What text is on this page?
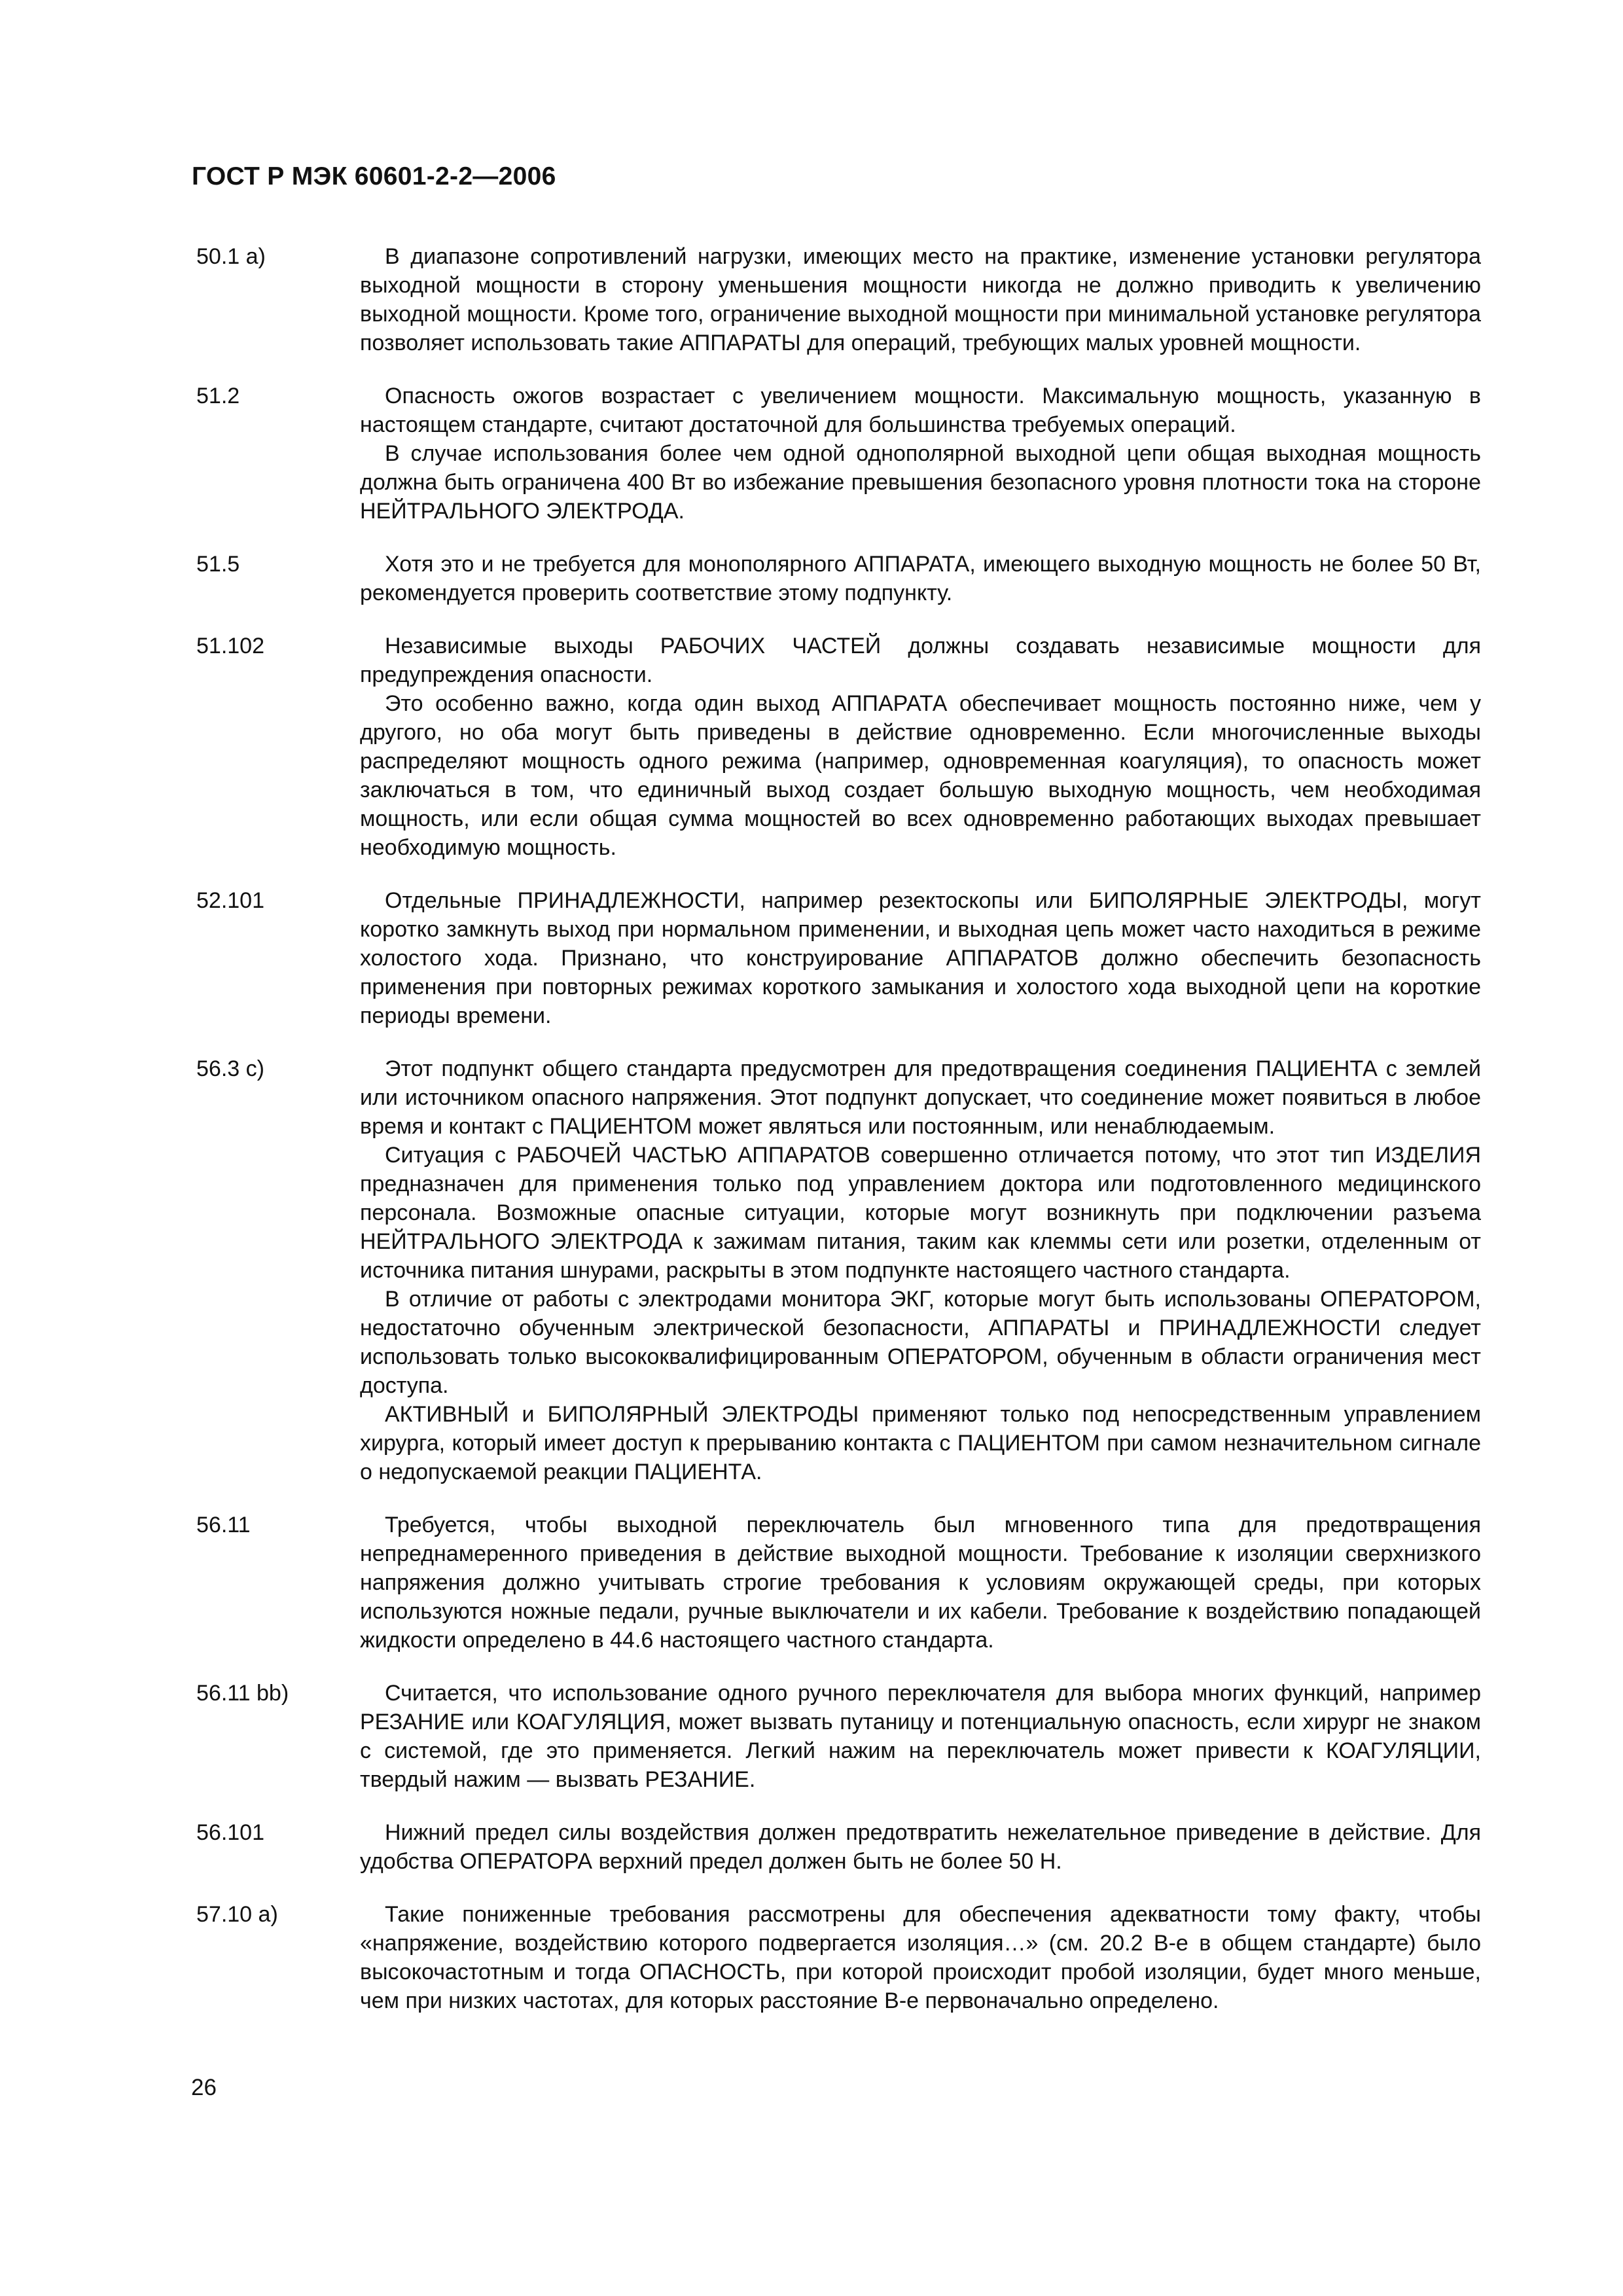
ГОСТ Р МЭК 60601-2-2—2006
50.1 а)	В диапазоне сопротивлений нагрузки, имеющих место на практике, изменение установки регулятора выходной мощности в сторону уменьшения мощности никогда не должно приводить к увеличению выходной мощности. Кроме того, ограничение выходной мощности при минимальной установке регулятора позволяет использовать такие АППАРАТЫ для операций, требующих малых уровней мощности.

51.2	Опасность ожогов возрастает с увеличением мощности. Максимальную мощность, указанную в настоящем стандарте, считают достаточной для большинства требуемых операций.

В случае использования более чем одной однополярной выходной цепи общая выходная мощность должна быть ограничена 400 Вт во избежание превышения безопасного уровня плотности тока на стороне НЕЙТРАЛЬНОГО ЭЛЕКТРОДА.

51.5	Хотя это и не требуется для монополярного АППАРАТА, имеющего выходную мощность не более 50 Вт, рекомендуется проверить соответствие этому подпункту.

51.102	Независимые выходы РАБОЧИХ ЧАСТЕЙ должны создавать независимые мощности для предупреждения опасности.

Это особенно важно, когда один выход АППАРАТА обеспечивает мощность постоянно ниже, чем у другого, но оба могут быть приведены в действие одновременно. Если многочисленные выходы распределяют мощность одного режима (например, одновременная коагуляция), то опасность может заключаться в том, что единичный выход создает большую выходную мощность, чем необходимая мощность, или если общая сумма мощностей во всех одновременно работающих выходах превышает необходимую мощность.

52.101	Отдельные ПРИНАДЛЕЖНОСТИ, например резектоскопы или БИПОЛЯРНЫЕ ЭЛЕКТРОДЫ, могут коротко замкнуть выход при нормальном применении, и выходная цепь может часто находиться в режиме холостого хода. Признано, что конструирование АППАРАТОВ должно обеспечить безопасность применения при повторных режимах короткого замыкания и холостого хода выходной цепи на короткие периоды времени.

56.3 с)	Этот подпункт общего стандарта предусмотрен для предотвращения соединения ПАЦИЕНТА с землей или источником опасного напряжения. Этот подпункт допускает, что соединение может появиться в любое время и контакт с ПАЦИЕНТОМ может являться или постоянным, или ненаблюдаемым.

Ситуация с РАБОЧЕЙ ЧАСТЬЮ АППАРАТОВ совершенно отличается потому, что этот тип ИЗДЕЛИЯ предназначен для применения только под управлением доктора или подготовленного медицинского персонала. Возможные опасные ситуации, которые могут возникнуть при подключении разъема НЕЙТРАЛЬНОГО ЭЛЕКТРОДА к зажимам питания, таким как клеммы сети или розетки, отделенным от источника питания шнурами, раскрыты в этом подпункте настоящего частного стандарта.

В отличие от работы с электродами монитора ЭКГ, которые могут быть использованы ОПЕРАТОРОМ, недостаточно обученным электрической безопасности, АППАРАТЫ и ПРИНАДЛЕЖНОСТИ следует использовать только высококвалифицированным ОПЕРАТОРОМ, обученным в области ограничения мест доступа.

АКТИВНЫЙ и БИПОЛЯРНЫЙ ЭЛЕКТРОДЫ применяют только под непосредственным управлением хирурга, который имеет доступ к прерыванию контакта с ПАЦИЕНТОМ при самом незначительном сигнале о недопускаемой реакции ПАЦИЕНТА.

56.11	Требуется, чтобы выходной переключатель был мгновенного типа для предотвращения непреднамеренного приведения в действие выходной мощности. Требование к изоляции сверхнизкого напряжения должно учитывать строгие требования к условиям окружающей среды, при которых используются ножные педали, ручные выключатели и их кабели. Требование к воздействию попадающей жидкости определено в 44.6 настоящего частного стандарта.

56.11 bb)	Считается, что использование одного ручного переключателя для выбора многих функций, например РЕЗАНИЕ или КОАГУЛЯЦИЯ, может вызвать путаницу и потенциальную опасность, если хирург не знаком с системой, где это применяется. Легкий нажим на переключатель может привести к КОАГУЛЯЦИИ, твердый нажим — вызвать РЕЗАНИЕ.

56.101	Нижний предел силы воздействия должен предотвратить нежелательное приведение в действие. Для удобства ОПЕРАТОРА верхний предел должен быть не более 50 Н.

57.10 а)	Такие пониженные требования рассмотрены для обеспечения адекватности тому факту, чтобы «напряжение, воздействию которого подвергается изоляция…» (см. 20.2 В-е в общем стандарте) было высокочастотным и тогда ОПАСНОСТЬ, при которой происходит пробой изоляции, будет много меньше, чем при низких частотах, для которых расстояние В-е первоначально определено.

26
